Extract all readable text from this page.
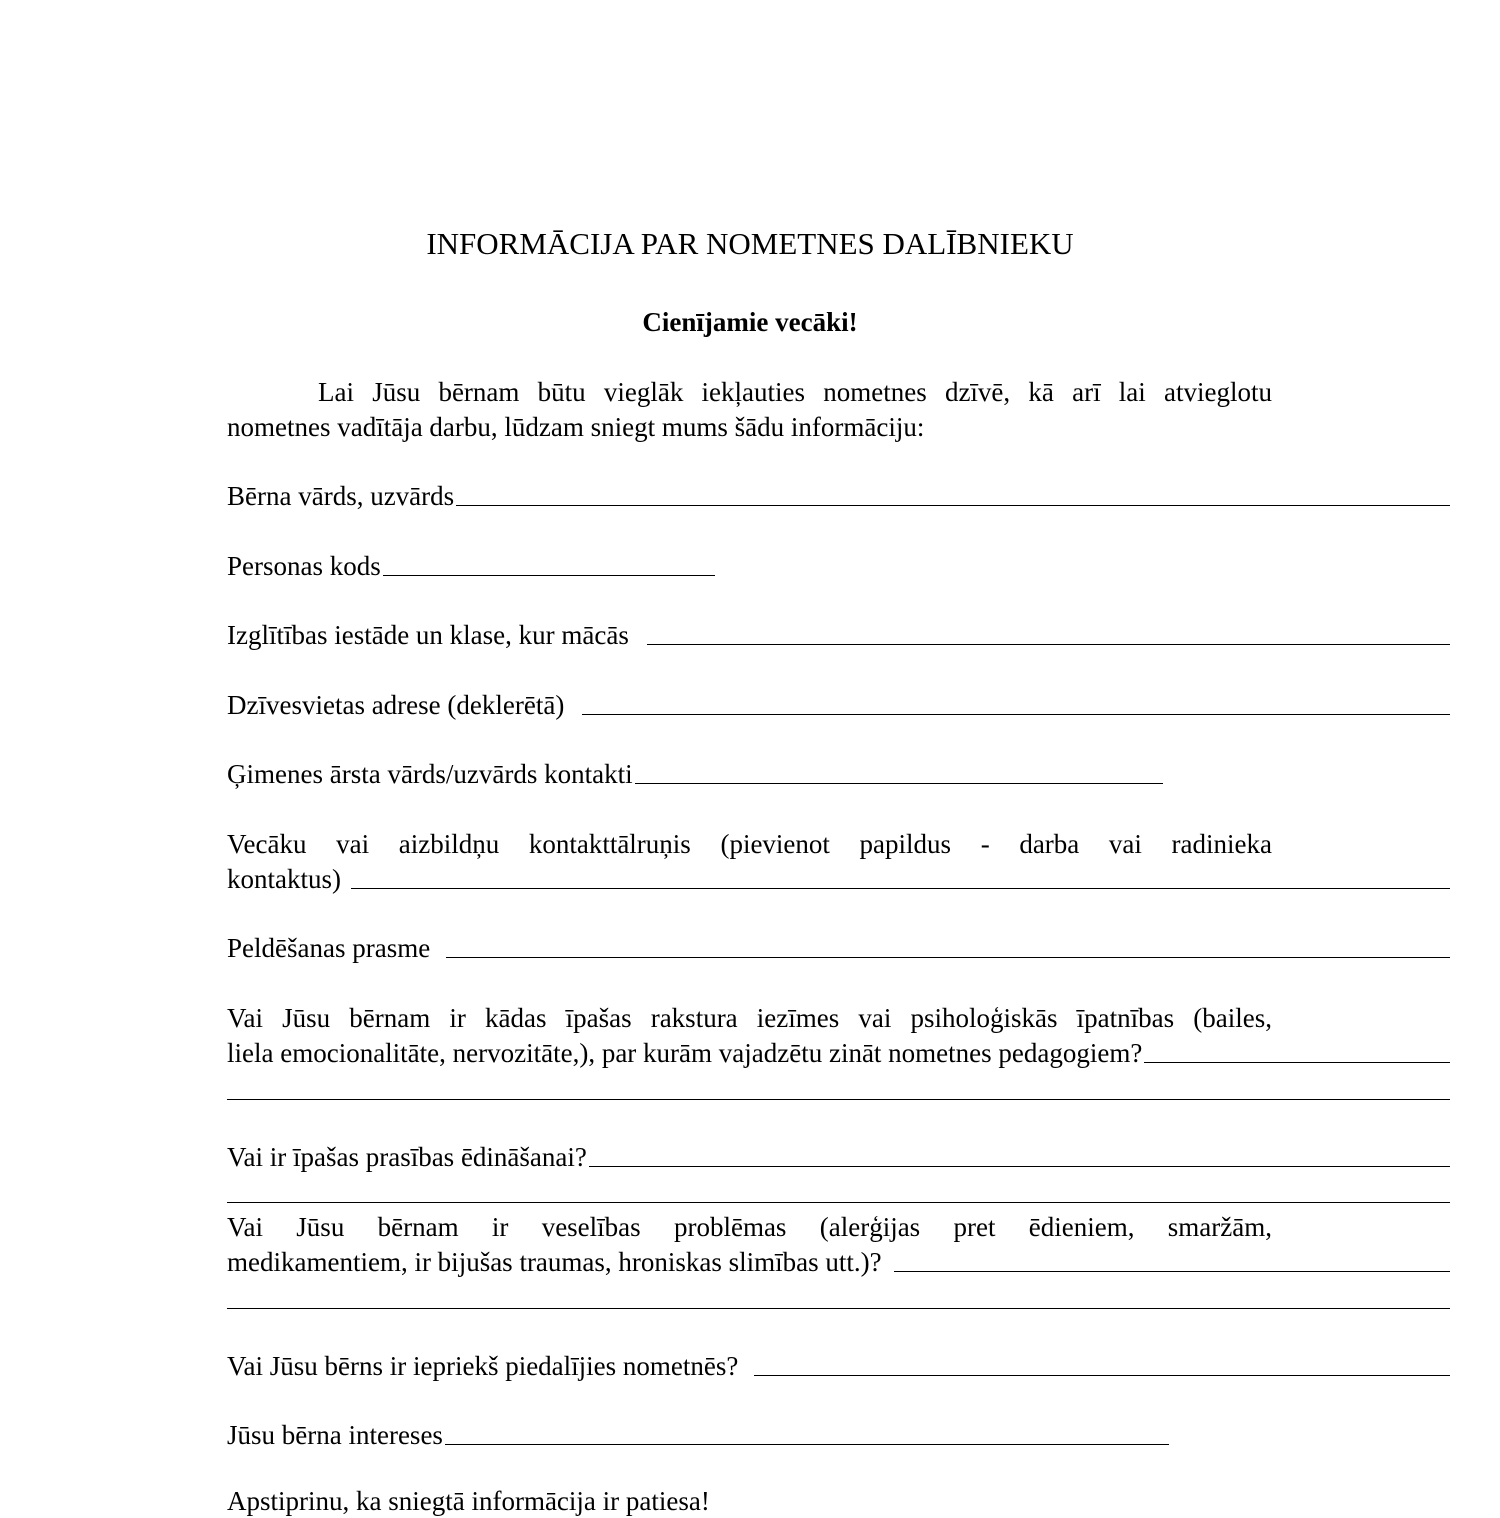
INFORMĀCIJA PAR NOMETNES DALĪBNIEKU
Cienījamie vecāki!
Lai Jūsu bērnam būtu vieglāk iekļauties nometnes dzīvē, kā arī lai atvieglotu
nometnes vadītāja darbu, lūdzam sniegt mums šādu informāciju:
Bērna vārds, uzvārds
Personas kods
Izglītības iestāde un klase, kur mācās
Dzīvesvietas adrese (deklerētā)
Ģimenes ārsta vārds/uzvārds kontakti
Vecāku vai aizbildņu kontakttālruņis (pievienot papildus - darba vai radinieka
kontaktus)
Peldēšanas prasme
Vai Jūsu bērnam ir kādas īpašas rakstura iezīmes vai psiholoģiskās īpatnības (bailes,
liela emocionalitāte, nervozitāte,), par kurām vajadzētu zināt nometnes pedagogiem?
Vai ir īpašas prasības ēdināšanai?
Vai Jūsu bērnam ir veselības problēmas (alerģijas pret ēdieniem, smaržām,
medikamentiem, ir bijušas traumas, hroniskas slimības utt.)?
Vai Jūsu bērns ir iepriekš piedalījies nometnēs?
Jūsu bērna intereses
Apstiprinu, ka sniegtā informācija ir patiesa!
